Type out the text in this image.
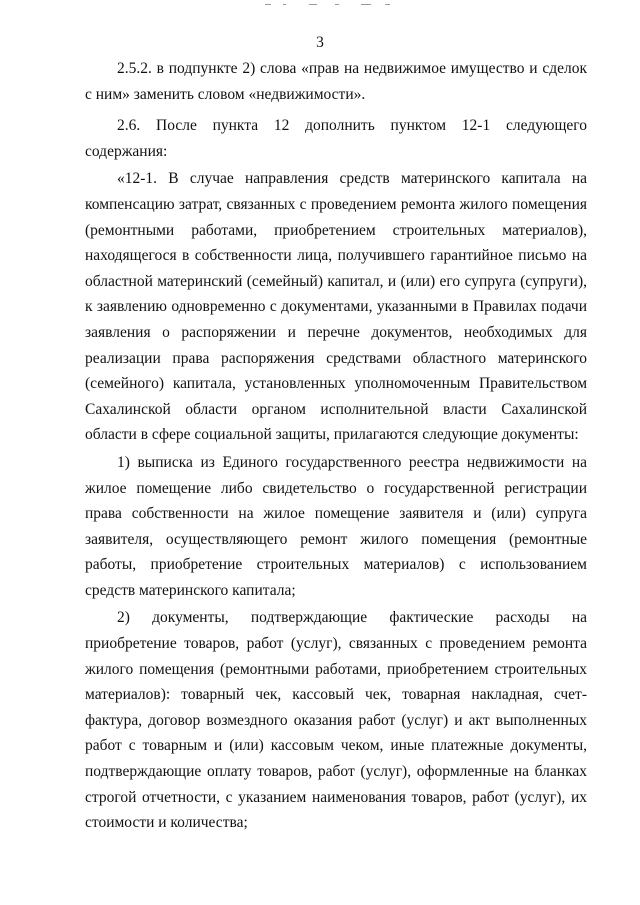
3

2.5.2. в подпункте 2) слова «прав на недвижимое имущество и сделок с ним» заменить словом «недвижимости».

2.6. После пункта 12 дополнить пунктом 12-1 следующего содержания:

«12-1. В случае направления средств материнского капитала на компенсацию затрат, связанных с проведением ремонта жилого помещения (ремонтными работами, приобретением строительных материалов), находящегося в собственности лица, получившего гарантийное письмо на областной материнский (семейный) капитал, и (или) его супруга (супруги), к заявлению одновременно с документами, указанными в Правилах подачи заявления о распоряжении и перечне документов, необходимых для реализации права распоряжения средствами областного материнского (семейного) капитала, установленных уполномоченным Правительством Сахалинской области органом исполнительной власти Сахалинской области в сфере социальной защиты, прилагаются следующие документы:

1) выписка из Единого государственного реестра недвижимости на жилое помещение либо свидетельство о государственной регистрации права собственности на жилое помещение заявителя и (или) супруга заявителя, осуществляющего ремонт жилого помещения (ремонтные работы, приобретение строительных материалов) с использованием средств материнского капитала;

2) документы, подтверждающие фактические расходы на приобретение товаров, работ (услуг), связанных с проведением ремонта жилого помещения (ремонтными работами, приобретением строительных материалов): товарный чек, кассовый чек, товарная накладная, счет-фактура, договор возмездного оказания работ (услуг) и акт выполненных работ с товарным и (или) кассовым чеком, иные платежные документы, подтверждающие оплату товаров, работ (услуг), оформленные на бланках строгой отчетности, с указанием наименования товаров, работ (услуг), их стоимости и количества;
